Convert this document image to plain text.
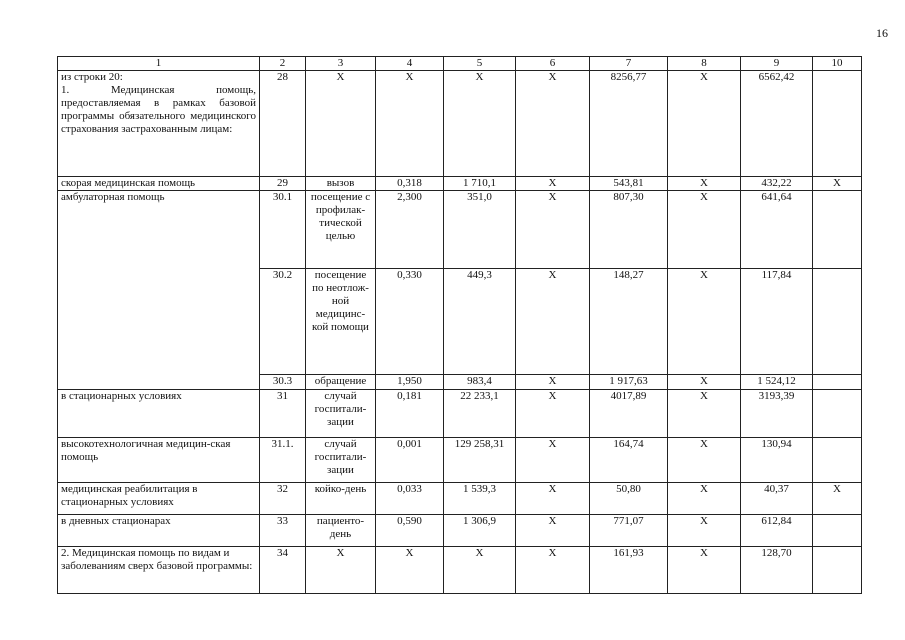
16
1	2	3	4	5	6	7	8	9	10
из строки 20:
1. Медицинская помощь, предоставляемая в рамках базовой программы обязательного медицинского страхования застрахованным лицам:	28	Х	Х	Х	Х	8256,77	Х	6562,42	
скорая медицинская помощь	29	вызов	0,318	1 710,1	Х	543,81	Х	432,22	Х
амбулаторная помощь	30.1	посещение с профилак-тической целью	2,300	351,0	Х	807,30	Х	641,64	
	30.2	посещение по неотлож-ной медицинс-кой помощи	0,330	449,3	Х	148,27	Х	117,84	
	30.3	обращение	1,950	983,4	Х	1 917,63	Х	1 524,12	
в стационарных условиях	31	случай госпитали-зации	0,181	22 233,1	Х	4017,89	Х	3193,39	
высокотехнологичная медицин-ская помощь	31.1.	случай госпитали-зации	0,001	129 258,31	Х	164,74	Х	130,94	
медицинская реабилитация в стационарных условиях	32	койко-день	0,033	1 539,3	Х	50,80	Х	40,37	Х
в дневных стационарах	33	пациенто-день	0,590	1 306,9	Х	771,07	Х	612,84	
2. Медицинская помощь по видам и заболеваниям сверх базовой программы:	34	Х	Х	Х	Х	161,93	Х	128,70	
